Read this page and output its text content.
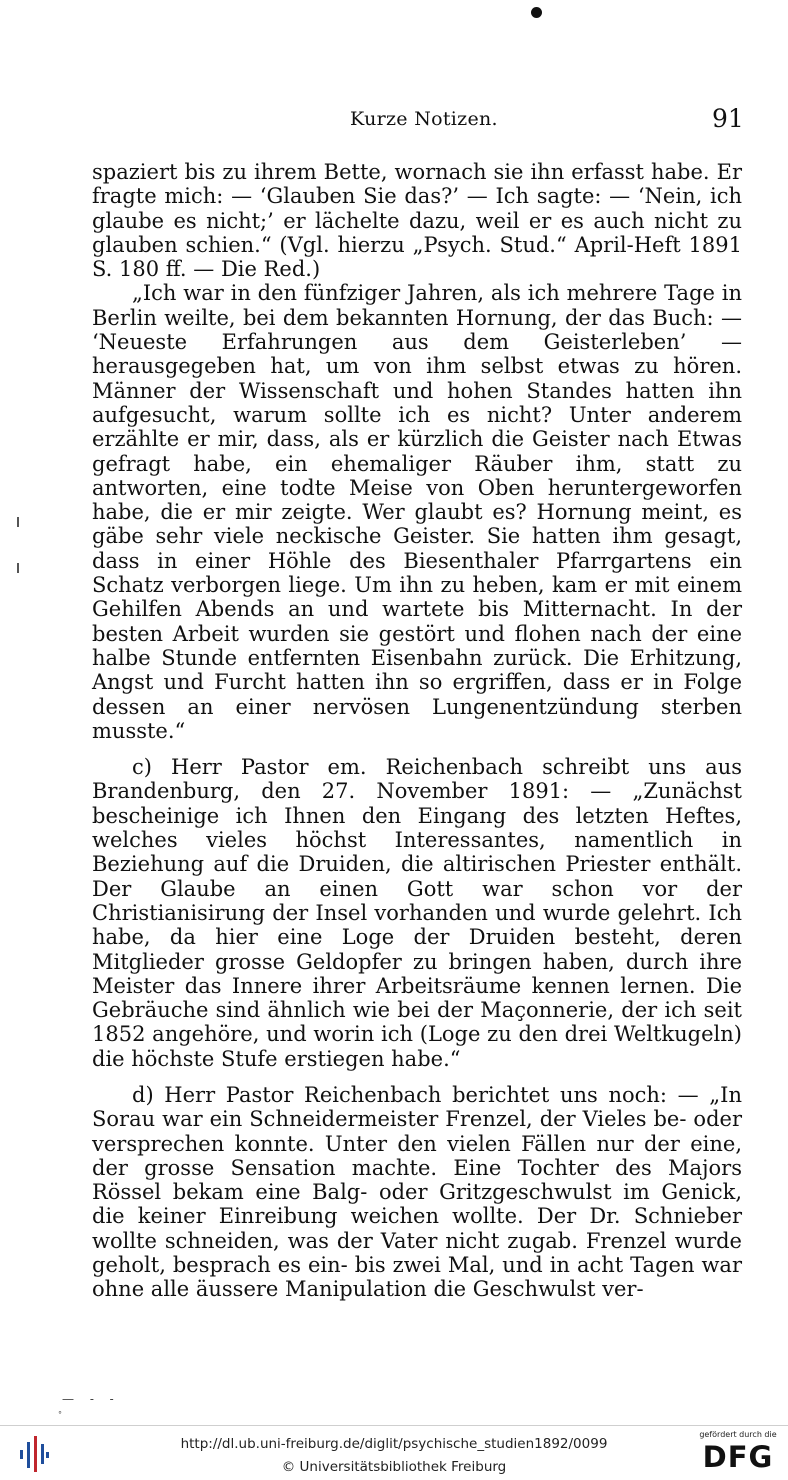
Kurze Notizen.	91

spaziert bis zu ihrem Bette, wornach sie ihn erfasst habe. Er fragte mich: — ‘Glauben Sie das?’ — Ich sagte: — ‘Nein, ich glaube es nicht;’ er lächelte dazu, weil er es auch nicht zu glauben schien.“ (Vgl. hierzu „Psych. Stud.“ April-Heft 1891 S. 180 ff. — Die Red.)

„Ich war in den fünfziger Jahren, als ich mehrere Tage in Berlin weilte, bei dem bekannten Hornung, der das Buch: — ‘Neueste Erfahrungen aus dem Geisterleben’ — herausgegeben hat, um von ihm selbst etwas zu hören. Männer der Wissenschaft und hohen Standes hatten ihn aufgesucht, warum sollte ich es nicht? Unter anderem erzählte er mir, dass, als er kürzlich die Geister nach Etwas gefragt habe, ein ehemaliger Räuber ihm, statt zu antworten, eine todte Meise von Oben heruntergeworfen habe, die er mir zeigte. Wer glaubt es? Hornung meint, es gäbe sehr viele neckische Geister. Sie hatten ihm gesagt, dass in einer Höhle des Biesenthaler Pfarrgartens ein Schatz verborgen liege. Um ihn zu heben, kam er mit einem Gehilfen Abends an und wartete bis Mitternacht. In der besten Arbeit wurden sie gestört und flohen nach der eine halbe Stunde entfernten Eisenbahn zurück. Die Erhitzung, Angst und Furcht hatten ihn so ergriffen, dass er in Folge dessen an einer nervösen Lungenentzündung sterben musste.“

c) Herr Pastor em. Reichenbach schreibt uns aus Brandenburg, den 27. November 1891: — „Zunächst bescheinige ich Ihnen den Eingang des letzten Heftes, welches vieles höchst Interessantes, namentlich in Beziehung auf die Druiden, die altirischen Priester enthält. Der Glaube an einen Gott war schon vor der Christianisirung der Insel vorhanden und wurde gelehrt. Ich habe, da hier eine Loge der Druiden besteht, deren Mitglieder grosse Geldopfer zu bringen haben, durch ihre Meister das Innere ihrer Arbeitsräume kennen lernen. Die Gebräuche sind ähnlich wie bei der Maçonnerie, der ich seit 1852 angehöre, und worin ich (Loge zu den drei Weltkugeln) die höchste Stufe erstiegen habe.“

d) Herr Pastor Reichenbach berichtet uns noch: — „In Sorau war ein Schneidermeister Frenzel, der Vieles be- oder versprechen konnte. Unter den vielen Fällen nur der eine, der grosse Sensation machte. Eine Tochter des Majors Rössel bekam eine Balg- oder Gritzgeschwulst im Genick, die keiner Einreibung weichen wollte. Der Dr. Schnieber wollte schneiden, was der Vater nicht zugab. Frenzel wurde geholt, besprach es ein- bis zwei Mal, und in acht Tagen war ohne alle äussere Manipulation die Geschwulst ver-

— - -
°
http://dl.ub.uni-freiburg.de/diglit/psychische_studien1892/0099
© Universitätsbibliothek Freiburg
gefördert durch die
DFG
